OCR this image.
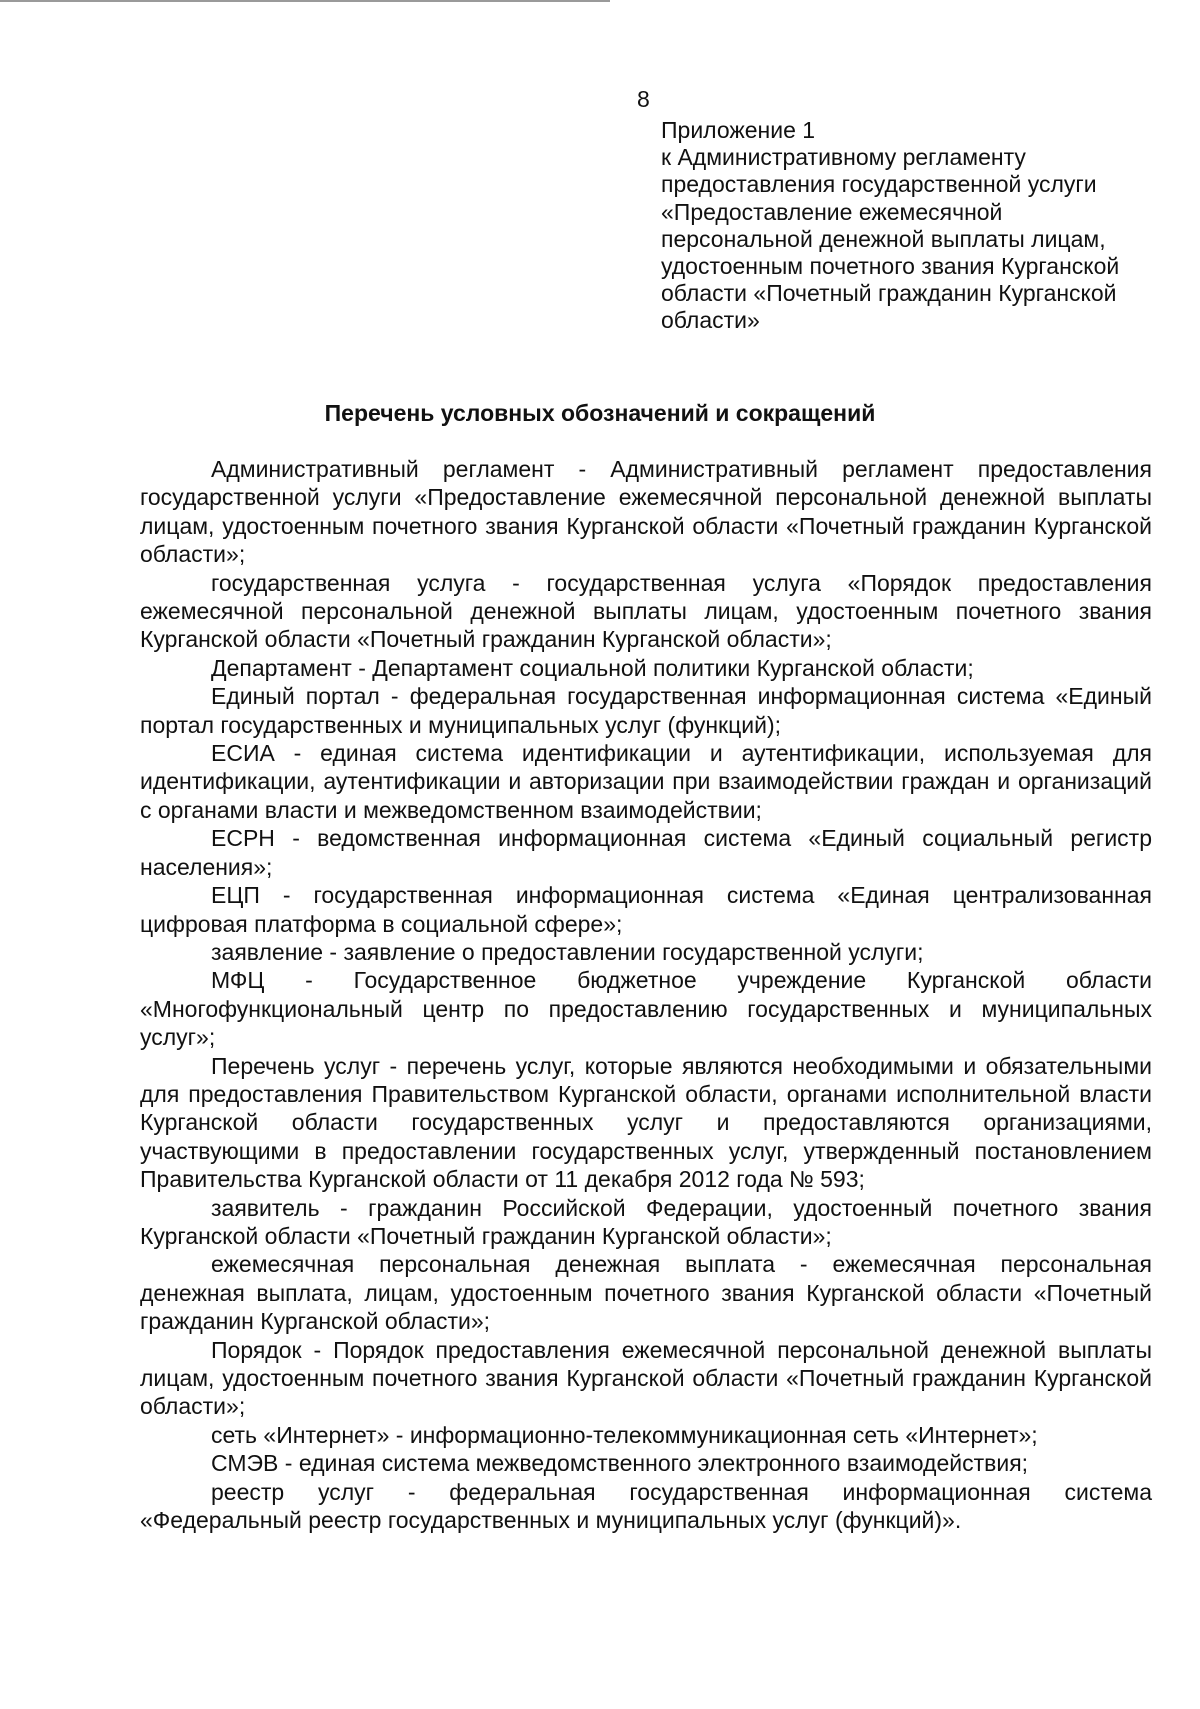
8
Приложение 1
к Административному регламенту
предоставления государственной услуги
«Предоставление ежемесячной
персональной денежной выплаты лицам,
удостоенным почетного звания Курганской
области «Почетный гражданин Курганской
области»
Перечень условных обозначений и сокращений

Административный регламент - Административный регламент предоставления государственной услуги «Предоставление ежемесячной персональной денежной выплаты лицам, удостоенным почетного звания Курганской области «Почетный гражданин Курганской области»;

государственная услуга - государственная услуга «Порядок предоставления ежемесячной персональной денежной выплаты лицам, удостоенным почетного звания Курганской области «Почетный гражданин Курганской области»;

Департамент - Департамент социальной политики Курганской области;

Единый портал - федеральная государственная информационная система «Единый портал государственных и муниципальных услуг (функций);

ЕСИА - единая система идентификации и аутентификации, используемая для идентификации, аутентификации и авторизации при взаимодействии граждан и организаций с органами власти и межведомственном взаимодействии;

ЕСРН - ведомственная информационная система «Единый социальный регистр населения»;

ЕЦП - государственная информационная система «Единая централизованная цифровая платформа в социальной сфере»;

заявление - заявление о предоставлении государственной услуги;

МФЦ - Государственное бюджетное учреждение Курганской области «Многофункциональный центр по предоставлению государственных и муниципальных услуг»;

Перечень услуг - перечень услуг, которые являются необходимыми и обязательными для предоставления Правительством Курганской области, органами исполнительной власти Курганской области государственных услуг и предоставляются организациями, участвующими в предоставлении государственных услуг, утвержденный постановлением Правительства Курганской области от 11 декабря 2012 года № 593;

заявитель - гражданин Российской Федерации, удостоенный почетного звания Курганской области «Почетный гражданин Курганской области»;

ежемесячная персональная денежная выплата - ежемесячная персональная денежная выплата, лицам, удостоенным почетного звания Курганской области «Почетный гражданин Курганской области»;

Порядок - Порядок предоставления ежемесячной персональной денежной выплаты лицам, удостоенным почетного звания Курганской области «Почетный гражданин Курганской области»;

сеть «Интернет» - информационно-телекоммуникационная сеть «Интернет»;

СМЭВ - единая система межведомственного электронного взаимодействия;

реестр услуг - федеральная государственная информационная система «Федеральный реестр государственных и муниципальных услуг (функций)».
